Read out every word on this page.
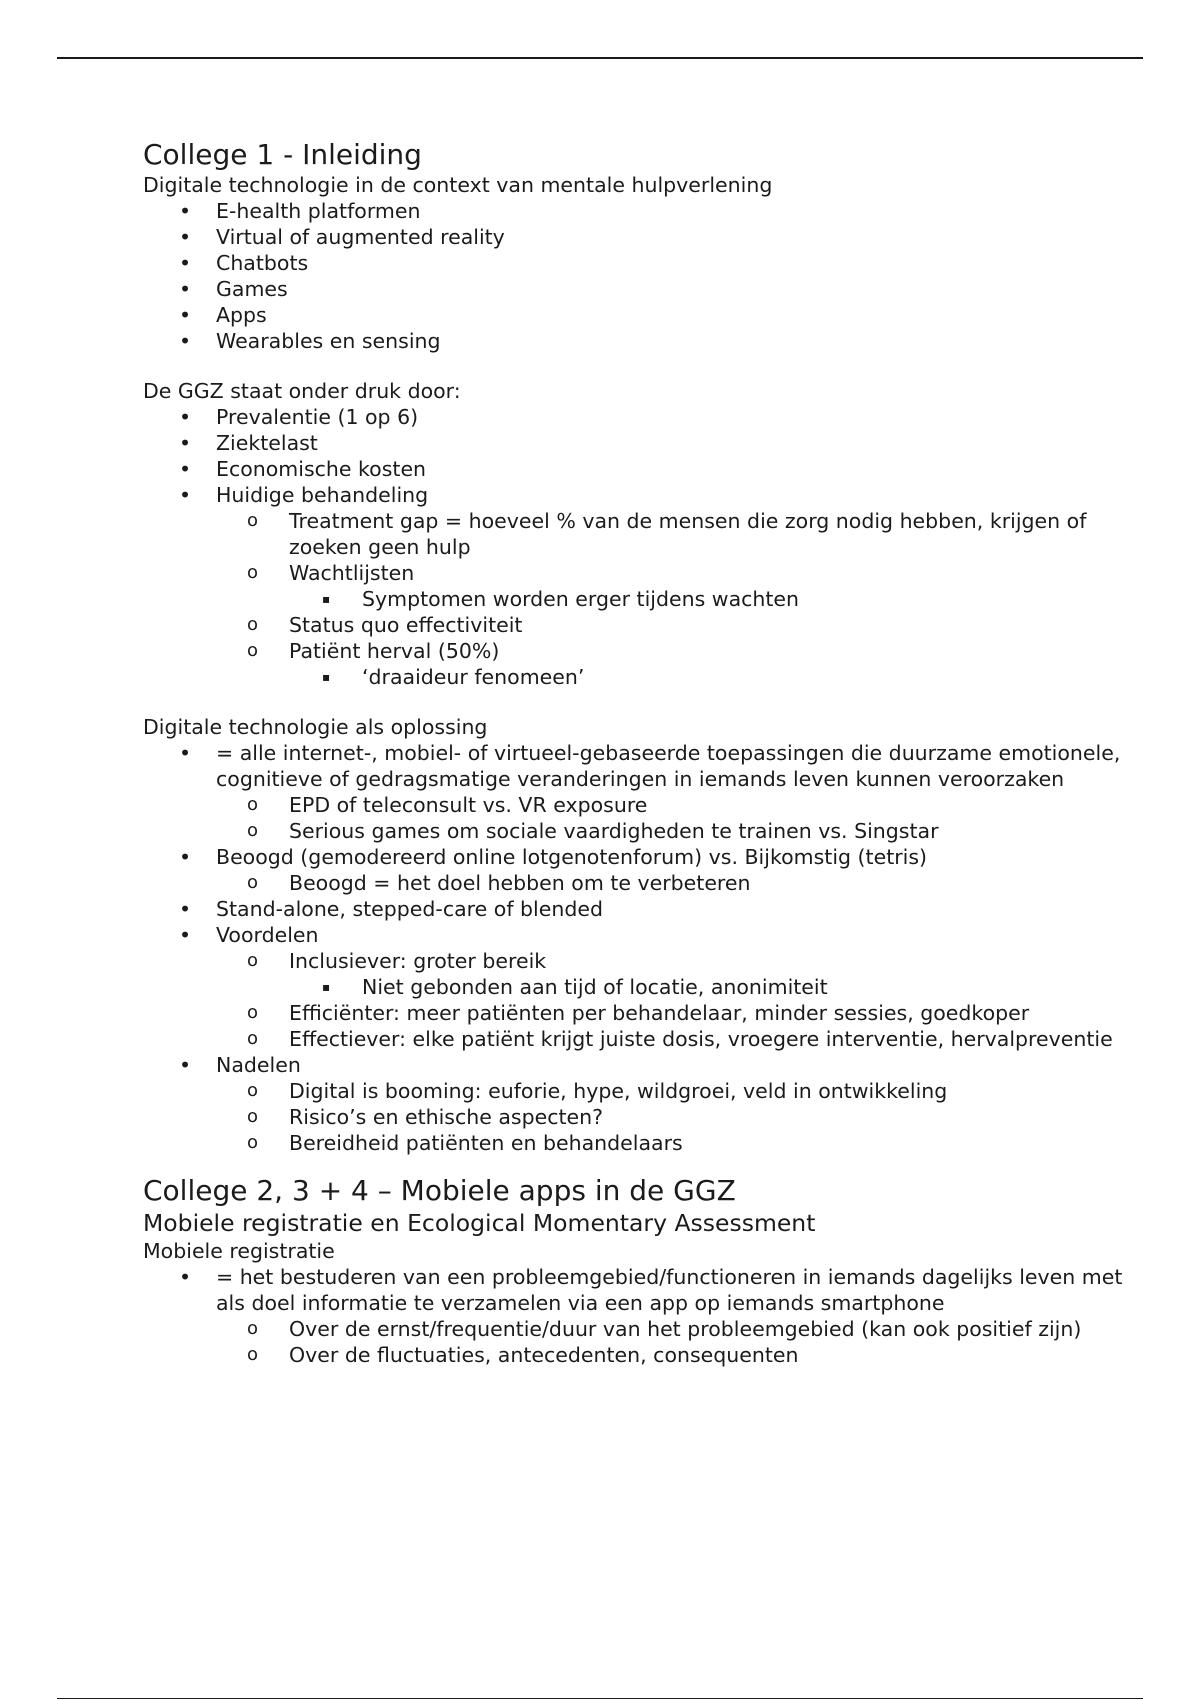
College 1 - Inleiding

Digitale technologie in de context van mentale hulpverlening

•	E-health platformen
•	Virtual of augmented reality
•	Chatbots
•	Games
•	Apps
•	Wearables en sensing

De GGZ staat onder druk door:

•	Prevalentie (1 op 6)
•	Ziektelast
•	Economische kosten
•	Huidige behandeling
o	Treatment gap = hoeveel % van de mensen die zorg nodig hebben, krijgen of zoeken geen hulp
o	Wachtlijsten
▪	Symptomen worden erger tijdens wachten
o	Status quo effectiviteit
o	Patiënt herval (50%)
▪	‘draaideur fenomeen’

Digitale technologie als oplossing

•	= alle internet-, mobiel- of virtueel-gebaseerde toepassingen die duurzame emotionele, cognitieve of gedragsmatige veranderingen in iemands leven kunnen veroorzaken
o	EPD of teleconsult vs. VR exposure
o	Serious games om sociale vaardigheden te trainen vs. Singstar
•	Beoogd (gemodereerd online lotgenotenforum) vs. Bijkomstig (tetris)
o	Beoogd = het doel hebben om te verbeteren
•	Stand-alone, stepped-care of blended
•	Voordelen
o	Inclusiever: groter bereik
▪	Niet gebonden aan tijd of locatie, anonimiteit
o	Efficiënter: meer patiënten per behandelaar, minder sessies, goedkoper
o	Effectiever: elke patiënt krijgt juiste dosis, vroegere interventie, hervalpreventie
•	Nadelen
o	Digital is booming: euforie, hype, wildgroei, veld in ontwikkeling
o	Risico’s en ethische aspecten?
o	Bereidheid patiënten en behandelaars
College 2, 3 + 4 – Mobiele apps in de GGZ
Mobiele registratie en Ecological Momentary Assessment

Mobiele registratie

•	= het bestuderen van een probleemgebied/functioneren in iemands dagelijks leven met als doel informatie te verzamelen via een app op iemands smartphone
o	Over de ernst/frequentie/duur van het probleemgebied (kan ook positief zijn)
o	Over de fluctuaties, antecedenten, consequenten
